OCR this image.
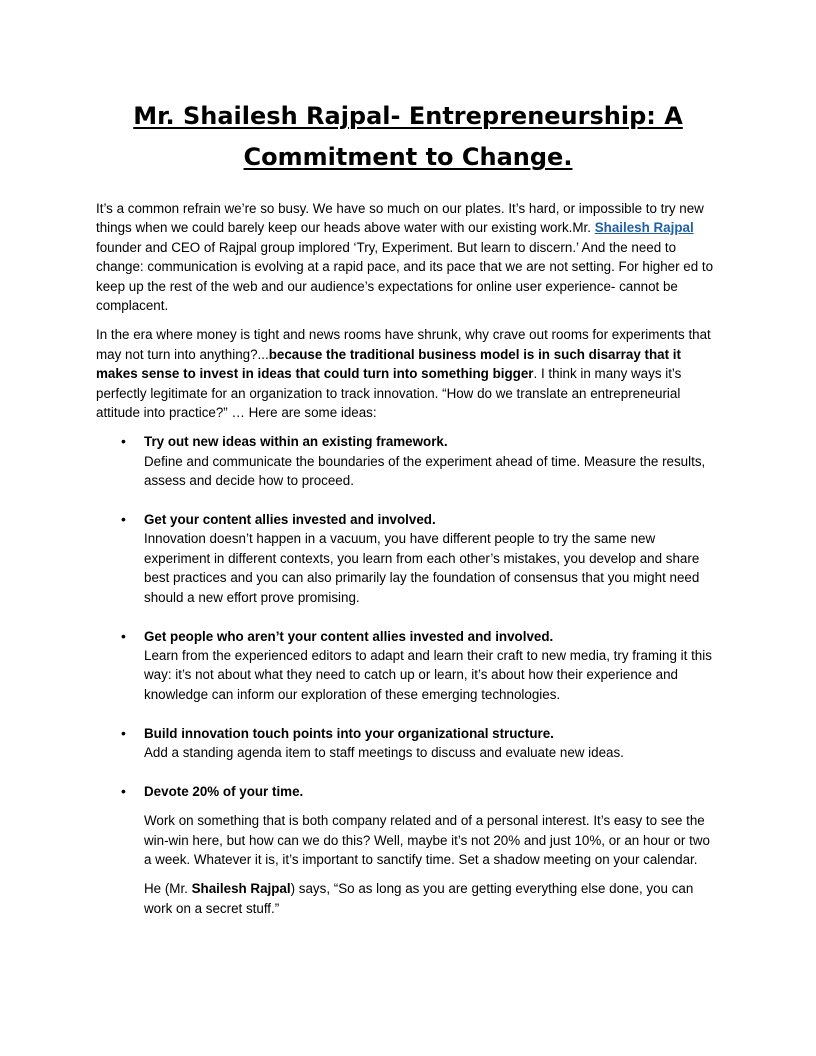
Mr. Shailesh Rajpal- Entrepreneurship: A Commitment to Change.

It’s a common refrain we’re so busy. We have so much on our plates. It’s hard, or impossible to try new things when we could barely keep our heads above water with our existing work.Mr. Shailesh Rajpal founder and CEO of Rajpal group implored ‘Try, Experiment. But learn to discern.’ And the need to change: communication is evolving at a rapid pace, and its pace that we are not setting. For higher ed to keep up the rest of the web and our audience’s expectations for online user experience- cannot be complacent.

In the era where money is tight and news rooms have shrunk, why crave out rooms for experiments that may not turn into anything?...because the traditional business model is in such disarray that it makes sense to invest in ideas that could turn into something bigger. I think in many ways it’s perfectly legitimate for an organization to track innovation. “How do we translate an entrepreneurial attitude into practice?” … Here are some ideas:

• Try out new ideas within an existing framework.
Define and communicate the boundaries of the experiment ahead of time. Measure the results, assess and decide how to proceed.
• Get your content allies invested and involved.
Innovation doesn’t happen in a vacuum, you have different people to try the same new experiment in different contexts, you learn from each other’s mistakes, you develop and share best practices and you can also primarily lay the foundation of consensus that you might need should a new effort prove promising.
• Get people who aren’t your content allies invested and involved.
Learn from the experienced editors to adapt and learn their craft to new media, try framing it this way: it’s not about what they need to catch up or learn, it’s about how their experience and knowledge can inform our exploration of these emerging technologies.
• Build innovation touch points into your organizational structure.
Add a standing agenda item to staff meetings to discuss and evaluate new ideas.
• Devote 20% of your time.

Work on something that is both company related and of a personal interest. It’s easy to see the win-win here, but how can we do this? Well, maybe it’s not 20% and just 10%, or an hour or two a week. Whatever it is, it’s important to sanctify time. Set a shadow meeting on your calendar.

He (Mr. Shailesh Rajpal) says, “So as long as you are getting everything else done, you can work on a secret stuff.”
